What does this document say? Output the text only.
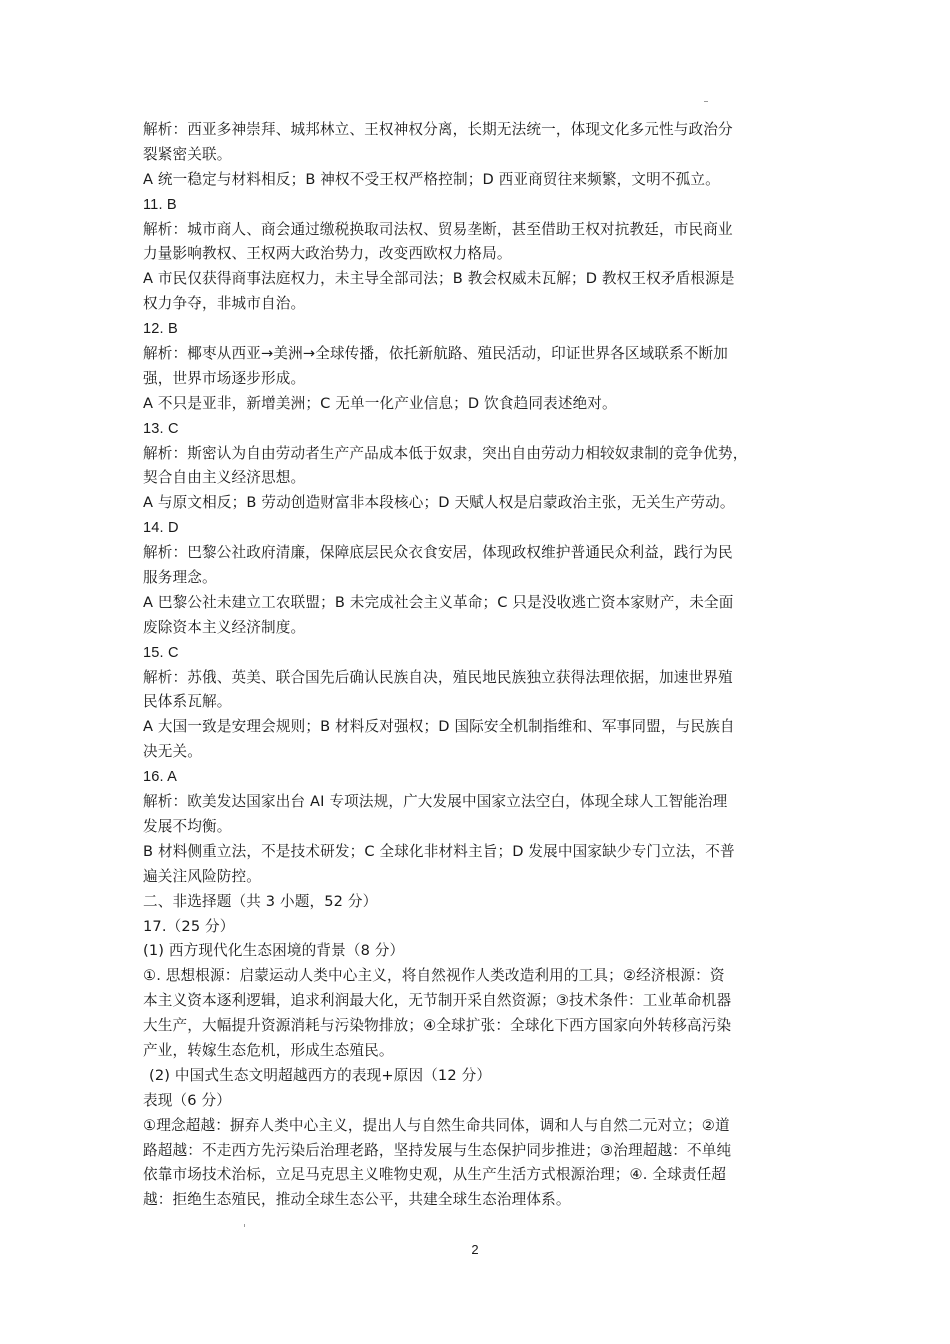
解析：西亚多神崇拜、城邦林立、王权神权分离，长期无法统一，体现文化多元性与政治分
裂紧密关联。
A 统一稳定与材料相反；B 神权不受王权严格控制；D 西亚商贸往来频繁，文明不孤立。
11. B
解析：城市商人、商会通过缴税换取司法权、贸易垄断，甚至借助王权对抗教廷，市民商业
力量影响教权、王权两大政治势力，改变西欧权力格局。
A 市民仅获得商事法庭权力，未主导全部司法；B 教会权威未瓦解；D 教权王权矛盾根源是
权力争夺，非城市自治。
12. B
解析：椰枣从西亚→美洲→全球传播，依托新航路、殖民活动，印证世界各区域联系不断加
强，世界市场逐步形成。
A 不只是亚非，新增美洲；C 无单一化产业信息；D 饮食趋同表述绝对。
13. C
解析：斯密认为自由劳动者生产产品成本低于奴隶，突出自由劳动力相较奴隶制的竞争优势，
契合自由主义经济思想。
A 与原文相反；B 劳动创造财富非本段核心；D 天赋人权是启蒙政治主张，无关生产劳动。
14. D
解析：巴黎公社政府清廉，保障底层民众衣食安居，体现政权维护普通民众利益，践行为民
服务理念。
A 巴黎公社未建立工农联盟；B 未完成社会主义革命；C 只是没收逃亡资本家财产，未全面
废除资本主义经济制度。
15. C
解析：苏俄、英美、联合国先后确认民族自决，殖民地民族独立获得法理依据，加速世界殖
民体系瓦解。
A 大国一致是安理会规则；B 材料反对强权；D 国际安全机制指维和、军事同盟，与民族自
决无关。
16. A
解析：欧美发达国家出台 AI 专项法规，广大发展中国家立法空白，体现全球人工智能治理
发展不均衡。
B 材料侧重立法，不是技术研发；C 全球化非材料主旨；D 发展中国家缺少专门立法，不普
遍关注风险防控。
二、非选择题（共 3 小题，52 分）
17.（25 分）
(1) 西方现代化生态困境的背景（8 分）
①. 思想根源：启蒙运动人类中心主义，将自然视作人类改造利用的工具；②经济根源：资
本主义资本逐利逻辑，追求利润最大化，无节制开采自然资源；③技术条件：工业革命机器
大生产，大幅提升资源消耗与污染物排放；④全球扩张：全球化下西方国家向外转移高污染
产业，转嫁生态危机，形成生态殖民。
(2) 中国式生态文明超越西方的表现+原因（12 分）
表现（6 分）
①理念超越：摒弃人类中心主义，提出人与自然生命共同体，调和人与自然二元对立；②道
路超越：不走西方先污染后治理老路，坚持发展与生态保护同步推进；③治理超越：不单纯
依靠市场技术治标，立足马克思主义唯物史观，从生产生活方式根源治理；④. 全球责任超
越：拒绝生态殖民，推动全球生态公平，共建全球生态治理体系。
2
